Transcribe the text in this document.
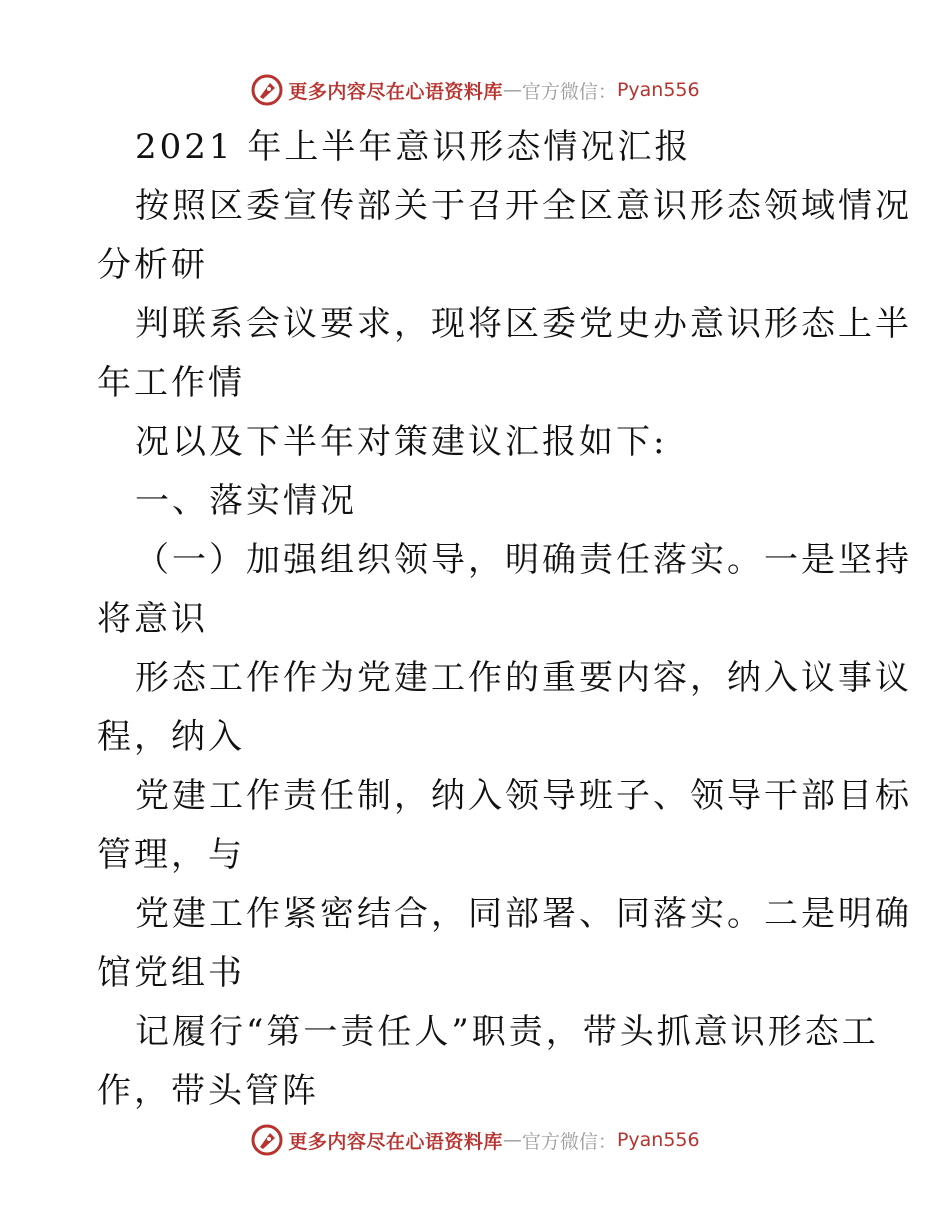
更多内容尽在心语资料库 — 官方微信： Pyan556
2021 年上半年意识形态情况汇报
按照区委宣传部关于召开全区意识形态领域情况
分析研
判联系会议要求，现将区委党史办意识形态上半
年工作情
况以及下半年对策建议汇报如下:
一、落实情况
（一）加强组织领导，明确责任落实。一是坚持
将意识
形态工作作为党建工作的重要内容，纳入议事议
程，纳入
党建工作责任制，纳入领导班子、领导干部目标
管理，与
党建工作紧密结合，同部署、同落实。二是明确
馆党组书
记履行“第一责任人”职责，带头抓意识形态工
作，带头管阵
更多内容尽在心语资料库 — 官方微信： Pyan556
